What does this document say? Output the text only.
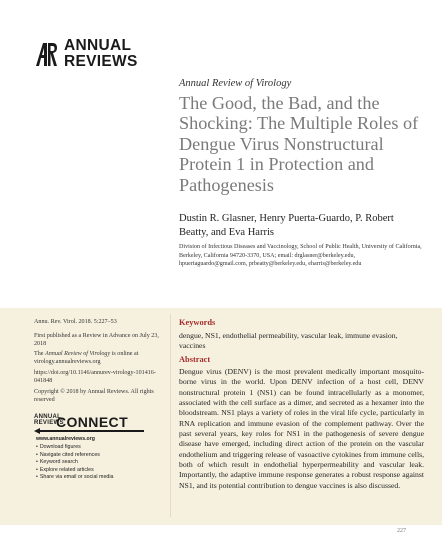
ANNUAL
REVIEWS
Annual Review of Virology
The Good, the Bad, and the Shocking: The Multiple Roles of Dengue Virus Nonstructural Protein 1 in Protection and Pathogenesis
Dustin R. Glasner, Henry Puerta-Guardo, P. Robert Beatty, and Eva Harris
Division of Infectious Diseases and Vaccinology, School of Public Health, University of California, Berkeley, California 94720-3370, USA; email: drglasner@berkeley.edu, hpuertaguardo@gmail.com, prbeatty@berkeley.edu, eharris@berkeley.edu
Annu. Rev. Virol. 2018. 5:227–53
First published as a Review in Advance on July 23, 2018
The Annual Review of Virology is online at virology.annualreviews.org
https://doi.org/10.1146/annurev-virology-101416-041848
Copyright © 2018 by Annual Reviews. All rights reserved
ANNUAL
REVIEWS
CONNECT
www.annualreviews.org
• Download figures
• Navigate cited references
• Keyword search
• Explore related articles
• Share via email or social media
Keywords
dengue, NS1, endothelial permeability, vascular leak, immune evasion, vaccines
Abstract
Dengue virus (DENV) is the most prevalent medically important mosquito-borne virus in the world. Upon DENV infection of a host cell, DENV nonstructural protein 1 (NS1) can be found intracellularly as a monomer, associated with the cell surface as a dimer, and secreted as a hexamer into the bloodstream. NS1 plays a variety of roles in the viral life cycle, particularly in RNA replication and immune evasion of the complement pathway. Over the past several years, key roles for NS1 in the pathogenesis of severe dengue disease have emerged, including direct action of the protein on the vascular endothelium and triggering release of vasoactive cytokines from immune cells, both of which result in endothelial hyperpermeability and vascular leak. Importantly, the adaptive immune response generates a robust response against NS1, and its potential contribution to dengue vaccines is also discussed.
227
